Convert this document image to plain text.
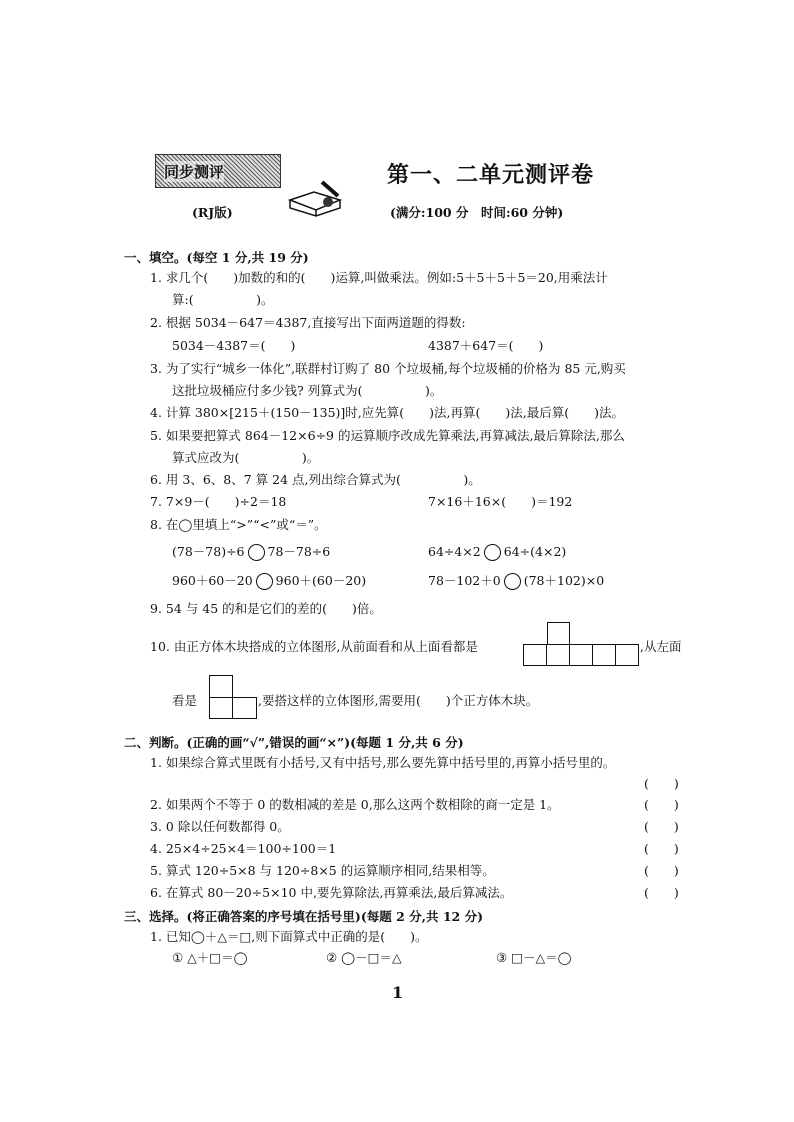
同步测评	第一、二单元测评卷
(RJ版)	(满分:100 分　时间:60 分钟)
一、填空。(每空 1 分,共 19 分)
1. 求几个(　　)加数的和的(　　)运算,叫做乘法。例如:5＋5＋5＋5＝20,用乘法计
算:(　　　　　)。
2. 根据 5034－647＝4387,直接写出下面两道题的得数:
5034－4387＝(　　)	4387＋647＝(　　)
3. 为了实行“城乡一体化”,联群村订购了 80 个垃圾桶,每个垃圾桶的价格为 85 元,购买
这批垃圾桶应付多少钱? 列算式为(　　　　　)。
4. 计算 380×[215＋(150－135)]时,应先算(　　)法,再算(　　)法,最后算(　　)法。
5. 如果要把算式 864－12×6÷9 的运算顺序改成先算乘法,再算减法,最后算除法,那么
算式应改为(　　　　　)。
6. 用 3、6、8、7 算 24 点,列出综合算式为(　　　　　)。
7. 7×9－(　　)÷2＝18	7×16＋16×(　　)＝192
8. 在◯里填上“>”“<”或“＝”。
(78－78)÷6 78－78÷6	64÷4×2 64÷(4×2)
960＋60－20 960＋(60－20)	78－102＋0 (78＋102)×0
9. 54 与 45 的和是它们的差的(　　)倍。
10. 由正方体木块搭成的立体图形,从前面看和从上面看都是	,从左面
看是	,要搭这样的立体图形,需要用(　　)个正方体木块。
二、判断。(正确的画“√”,错误的画“×”)(每题 1 分,共 6 分)
1. 如果综合算式里既有小括号,又有中括号,那么要先算中括号里的,再算小括号里的。
(　　)
2. 如果两个不等于 0 的数相减的差是 0,那么这两个数相除的商一定是 1。	(　　)
3. 0 除以任何数都得 0。	(　　)
4. 25×4÷25×4＝100÷100＝1	(　　)
5. 算式 120÷5×8 与 120÷8×5 的运算顺序相同,结果相等。	(　　)
6. 在算式 80－20÷5×10 中,要先算除法,再算乘法,最后算减法。	(　　)
三、选择。(将正确答案的序号填在括号里)(每题 2 分,共 12 分)
1. 已知◯＋△＝□,则下面算式中正确的是(　　)。
① △＋□＝◯	② ◯－□＝△	③ □－△＝◯
1
